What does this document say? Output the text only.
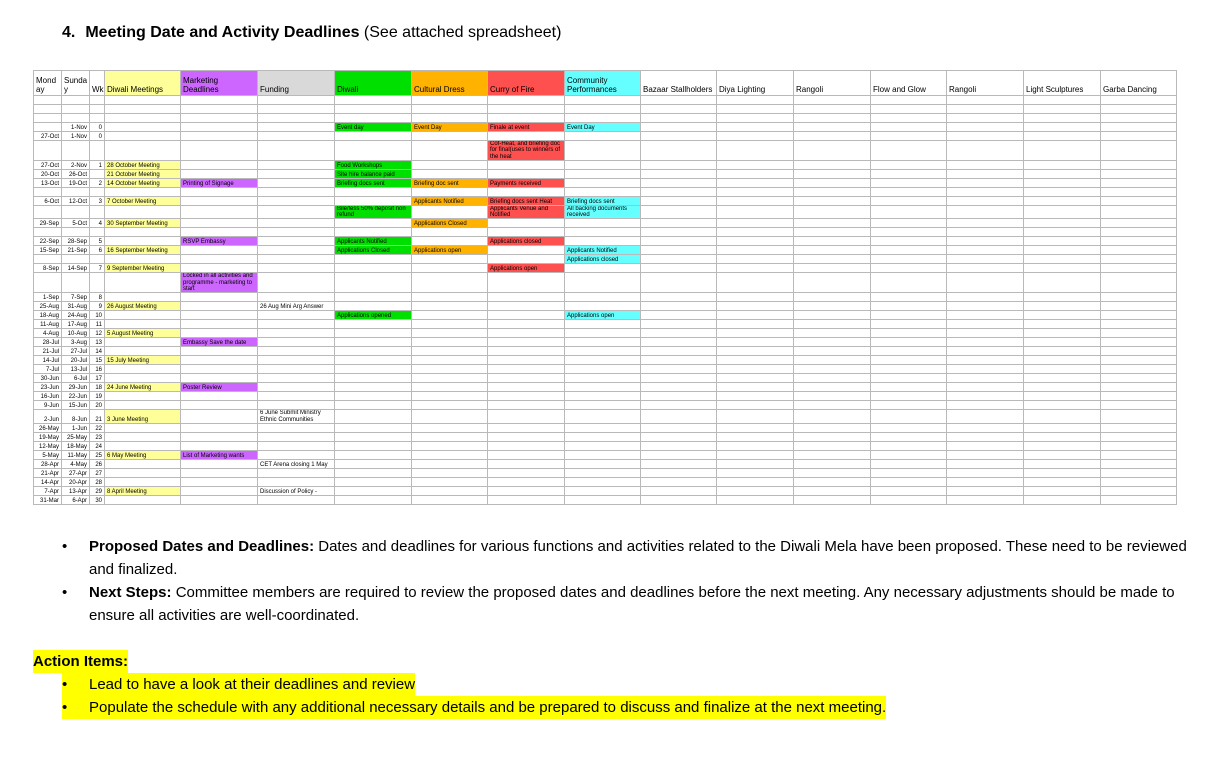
4. Meeting Date and Activity Deadlines (See attached spreadsheet)
Mond ay	Sunda y	Wk	Diwali Meetings	Marketing Deadlines	Funding	Diwali	Cultural Dress	Curry of Fire	Community Performances	Bazaar Stallholders	Diya Lighting	Rangoli	Flow and Glow	Rangoli	Light Sculptures	Garba Dancing

	1-Nov	0				Event day	Event Day	Finale at event	Event Day							
27-Oct	1-Nov	0														
								Cof-Heat, and briefing doc for final(uses to winners of the heat								
27-Oct	2-Nov	1	28 October Meeting			Food Workshops										
20-Oct	26-Oct		21 October Meeting			Site hire balance paid										
13-Oct	19-Oct	2	14 October Meeting	Printing of Signage		Briefing docs sent	Briefing doc sent	Payments received								

6-Oct	12-Oct	3	7 October Meeting				Applicants Notified	Briefing docs sent Heat	Briefing docs sent							
						Bile/less 50% deposit non refund		Applicants Venue and Notified	All backing documents received							
29-Sep	5-Oct	4	30 September Meeting				Applications Closed									

22-Sep	28-Sep	5		RSVP Embassy		Applicants Notified		Applications closed								
15-Sep	21-Sep	6	16 September Meeting			Applications Closed	Applications open		Applicants Notified							
									Applications closed							
8-Sep	14-Sep	7	9 September Meeting					Applications open								
				Locked in all activities and programme - marketing to start												
1-Sep	7-Sep	8														
25-Aug	31-Aug	9	26 August Meeting		26 Aug Mini Arg Answer											
18-Aug	24-Aug	10				Applications opened			Applications open							
11-Aug	17-Aug	11														
4-Aug	10-Aug	12	5 August Meeting													
28-Jul	3-Aug	13		Embassy Save the date												
21-Jul	27-Jul	14														
14-Jul	20-Jul	15	15 July Meeting													
7-Jul	13-Jul	16														
30-Jun	6-Jul	17														
23-Jun	29-Jun	18	24 June Meeting	Poster Review												
16-Jun	22-Jun	19														
9-Jun	15-Jun	20														
2-Jun	8-Jun	21	3 June Meeting		6 June Submit Ministry Ethnic Communities											
26-May	1-Jun	22														
19-May	25-May	23														
12-May	18-May	24														
5-May	11-May	25	6 May Meeting	List of Marketing wants												
28-Apr	4-May	26			CET Arena closing 1 May											
21-Apr	27-Apr	27														
14-Apr	20-Apr	28														
7-Apr	13-Apr	29	8 April Meeting		Discussion of Policy -											
31-Mar	6-Apr	30														
•	Proposed Dates and Deadlines: Dates and deadlines for various functions and activities related to the Diwali Mela have been proposed. These need to be reviewed and finalized.
•	Next Steps: Committee members are required to review the proposed dates and deadlines before the next meeting. Any necessary adjustments should be made to ensure all activities are well-coordinated.
Action Items:
•	Lead to have a look at their deadlines and review
•	Populate the schedule with any additional necessary details and be prepared to discuss and finalize at the next meeting.
